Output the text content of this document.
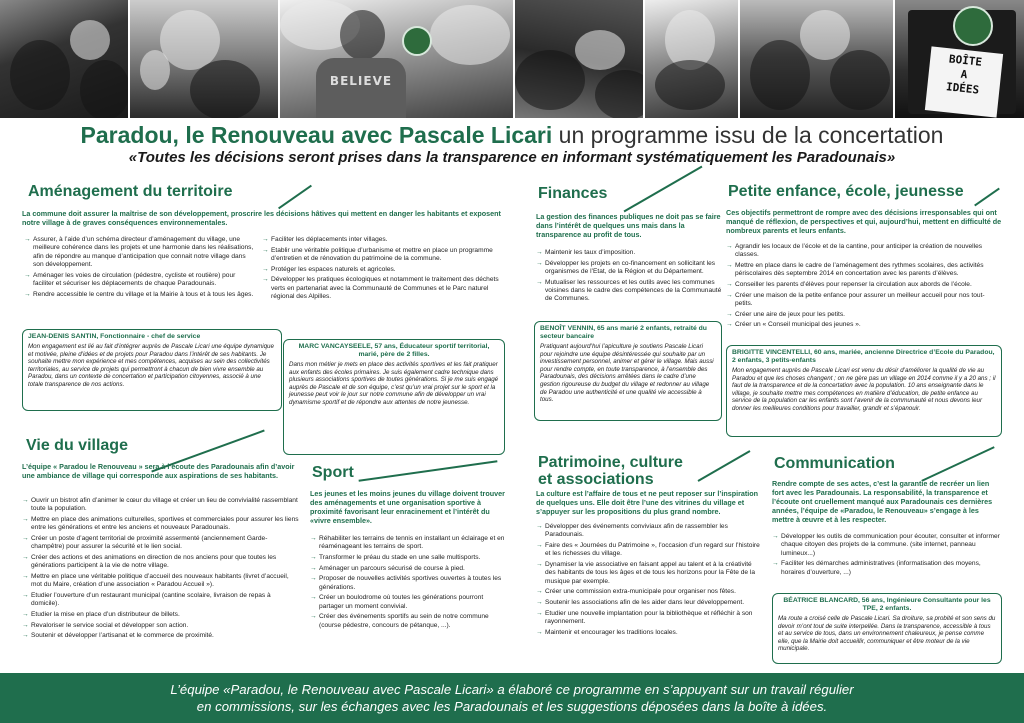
BELIEVE
BOÎTE
A
IDÉES
Paradou, le Renouveau avec Pascale Licari un programme issu de la concertation
«Toutes les décisions seront prises dans la transparence en informant systématiquement les Paradounais»
Aménagement du territoire
La commune doit assurer la maîtrise de son développement, proscrire les décisions hâtives qui mettent en danger les habitants et exposent notre village à de graves conséquences environnementales.
→ Assurer, à l’aide d’un schéma directeur d’aménagement du village, une meilleure cohérence dans les projets et une harmonie dans les réalisations, afin de répondre au manque d’anticipation que connait notre village dans son développement.
→ Aménager les voies de circulation (pédestre, cycliste et routière) pour faciliter et sécuriser les déplacements de chaque Paradounais.
→ Rendre accessible le centre du village et la Mairie à tous et à tous les âges.
→ Faciliter les déplacements inter villages.
→ Etablir une véritable politique d’urbanisme et mettre en place un programme d’entretien et de rénovation du patrimoine de la commune.
→ Protéger les espaces naturels et agricoles.
→ Développer les pratiques écologiques et notamment le traitement des déchets verts en partenariat avec la Communauté de Communes et le Parc naturel régional des Alpilles.
JEAN-DENIS SANTIN, Fonctionnaire - chef de service
Mon engagement est lié au fait d’intégrer auprès de Pascale Licari une équipe dynamique et motivée, pleine d’idées et de projets pour Paradou dans l’intérêt de ses habitants. Je souhaite mettre mon expérience et mes compétences, acquises au sein des collectivités territoriales, au service de projets qui permettront à chacun de bien vivre ensemble au Paradou, dans un contexte de concertation et participation citoyennes, associé à une totale transparence de nos actions.
MARC VANCAYSEELE, 57 ans, Éducateur sportif territorial, marié, père de 2 filles.
Dans mon métier je mets en place des activités sportives et les fait pratiquer aux enfants des écoles primaires. Je suis également cadre technique dans plusieurs associations sportives de toutes générations. Si je me suis engagé auprès de Pascale et de son équipe, c’est qu’un vrai projet sur le sport et la jeunesse peut voir le jour sur notre commune afin de développer un vrai dynamisme sportif et de répondre aux attentes de notre jeunesse.
Vie du village
L’équipe « Paradou le Renouveau » sera à l’écoute des Paradounais afin d’avoir une ambiance de village qui corresponde aux aspirations de ses habitants.
→ Ouvrir un bistrot afin d’animer le cœur du village et créer un lieu de convivialité rassemblant toute la population.
→ Mettre en place des animations culturelles, sportives et commerciales pour assurer les liens entre les générations et entre les anciens et nouveaux Paradounais.
→ Créer un poste d’agent territorial de proximité assermenté (anciennement Garde-champêtre) pour assurer la sécurité et le lien social.
→ Créer des actions et des animations en direction de nos anciens pour que toutes les générations participent à la vie de notre village.
→ Mettre en place une véritable politique d’accueil des nouveaux habitants (livret d’accueil, mot du Maire, création d’une association « Paradou Accueil »).
→ Etudier l’ouverture d’un restaurant municipal (cantine scolaire, livraison de repas à domicile).
→ Etudier la mise en place d’un distributeur de billets.
→ Revaloriser le service social et développer son action.
→ Soutenir et développer l’artisanat et le commerce de proximité.
Sport
Les jeunes et les moins jeunes du village doivent trouver des aménagements et une organisation sportive à proximité favorisant leur enracinement et l’intérêt du «vivre ensemble».
→ Réhabiliter les terrains de tennis en installant un éclairage et en réaménageant les terrains de sport.
→ Transformer le préau du stade en une salle multisports.
→ Aménager un parcours sécurisé de course à pied.
→ Proposer de nouvelles activités sportives ouvertes à toutes les générations.
→ Créer un boulodrome où toutes les générations pourront partager un moment convivial.
→ Créer des événements sportifs au sein de notre commune (course pédestre, concours de pétanque, ...).
Finances
La gestion des finances publiques ne doit pas se faire dans l’intérêt de quelques uns mais dans la transparence au profit de tous.
→ Maintenir les taux d’imposition.
→ Développer les projets en co-financement en sollicitant les organismes de l’Etat, de la Région et du Département.
→ Mutualiser les ressources et les outils avec les communes voisines dans le cadre des compétences de la Communauté de Communes.
BENOÎT VENNIN, 65 ans marié 2 enfants, retraité du secteur bancaire
Pratiquant aujourd’hui l’apiculture je soutiens Pascale Licari pour rejoindre une équipe désintéressée qui souhaite par un investissement personnel, animer et gérer le village. Mais aussi pour rendre compte, en toute transparence, à l’ensemble des Paradounais, des décisions arrêtées dans le cadre d’une gestion rigoureuse du budget du village et redonner au village de Paradou une authenticité et une qualité vie accessible à tous.
Petite enfance, école, jeunesse
Ces objectifs permettront de rompre avec des décisions irresponsables qui ont manqué de réflexion, de perspectives et qui, aujourd’hui, mettent en difficulté de nombreux parents et leurs enfants.
→ Agrandir les locaux de l’école et de la cantine, pour anticiper la création de nouvelles classes.
→ Mettre en place dans le cadre de l’aménagement des rythmes scolaires, des activités périscolaires dès septembre 2014 en concertation avec les parents d’élèves.
→ Conseiller les parents d’élèves pour repenser la circulation aux abords de l’école.
→ Créer une maison de la petite enfance pour assurer un meilleur accueil pour nos tout-petits.
→ Créer une aire de jeux pour les petits.
→ Créer un « Conseil municipal des jeunes ».
BRIGITTE VINCENTELLI, 60 ans, mariée, ancienne Directrice d’Ecole du Paradou, 2 enfants, 3 petits-enfants
Mon engagement auprès de Pascale Licari est venu du désir d’améliorer la qualité de vie au Paradou et que les choses changent ; on ne gère pas un village en 2014 comme il y a 20 ans ; il faut de la transparence et de la concertation avec la population. 10 ans enseignante dans le village, je souhaite mettre mes compétences en matière d’éducation, de petite enfance au service de la population car les enfants sont l’avenir de la communauté et nous devons leur donner les meilleures conditions pour travailler, grandir et s’épanouir.
Patrimoine, culture
et associations
La culture est l’affaire de tous et ne peut reposer sur l’inspiration de quelques uns. Elle doit être l’une des vitrines du village et s’appuyer sur les propositions du plus grand nombre.
→ Développer des événements conviviaux afin de rassembler les Paradounais.
→ Faire des « Journées du Patrimoine », l’occasion d’un regard sur l’histoire et les richesses du village.
→ Dynamiser la vie associative en faisant appel au talent et à la créativité des habitants de tous les âges et de tous les horizons pour la Fête de la musique par exemple.
→ Créer une commission extra-municipale pour organiser nos fêtes.
→ Soutenir les associations afin de les aider dans leur développement.
→ Etudier une nouvelle implantation pour la bibliothèque et réfléchir à son rayonnement.
→ Maintenir et encourager les traditions locales.
Communication
Rendre compte de ses actes, c’est la garantie de recréer un lien fort avec les Paradounais. La responsabilité, la transparence et l’écoute ont cruellement manqué aux Paradounais ces dernières années, l’équipe de «Paradou, le Renouveau» s’engage à les mettre à œuvre et à les respecter.
→ Développer les outils de communication pour écouter, consulter et informer chaque citoyen des projets de la commune. (site internet, panneau lumineux...)
→ Faciliter les démarches administratives (informatisation des moyens, horaires d’ouverture, ...)
BÉATRICE BLANCARD, 56 ans, Ingénieure Consultante pour les TPE, 2 enfants.
Ma route a croisé celle de Pascale Licari. Sa droiture, sa probité et son sens du devoir m’ont tout de suite interpellée. Dans la transparence, accessible à tous et au service de tous, dans un environnement chaleureux, je pense comme elle, que la Mairie doit accueillir, communiquer et être moteur de la vie municipale.
L’équipe «Paradou, le Renouveau avec Pascale Licari» a élaboré ce programme en s’appuyant sur un travail régulier
en commissions, sur les échanges avec les Paradounais et les suggestions déposées dans la boîte à idées.
